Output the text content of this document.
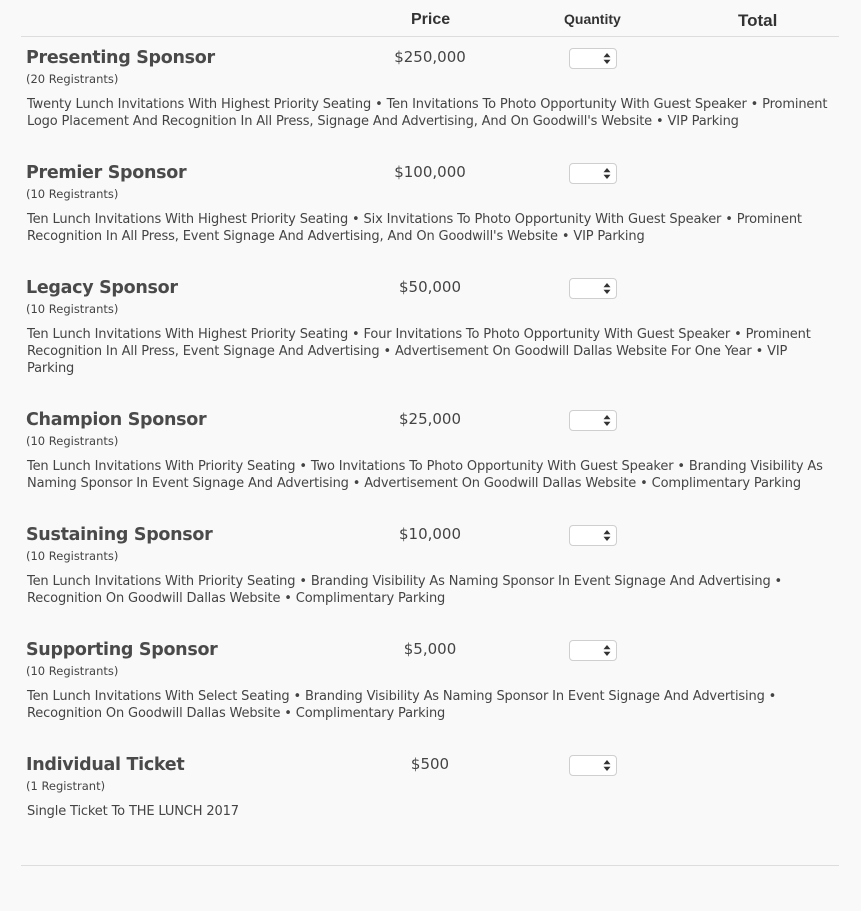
Price	Quantity	Total
Presenting Sponsor
(20 Registrants)
$250,000
Twenty Lunch Invitations With Highest Priority Seating • Ten Invitations To Photo Opportunity With Guest Speaker • Prominent Logo Placement And Recognition In All Press, Signage And Advertising, And On Goodwill's Website • VIP Parking
Premier Sponsor
(10 Registrants)
$100,000
Ten Lunch Invitations With Highest Priority Seating • Six Invitations To Photo Opportunity With Guest Speaker • Prominent Recognition In All Press, Event Signage And Advertising, And On Goodwill's Website • VIP Parking
Legacy Sponsor
(10 Registrants)
$50,000
Ten Lunch Invitations With Highest Priority Seating • Four Invitations To Photo Opportunity With Guest Speaker • Prominent Recognition In All Press, Event Signage And Advertising • Advertisement On Goodwill Dallas Website For One Year • VIP Parking
Champion Sponsor
(10 Registrants)
$25,000
Ten Lunch Invitations With Priority Seating • Two Invitations To Photo Opportunity With Guest Speaker • Branding Visibility As Naming Sponsor In Event Signage And Advertising • Advertisement On Goodwill Dallas Website • Complimentary Parking
Sustaining Sponsor
(10 Registrants)
$10,000
Ten Lunch Invitations With Priority Seating • Branding Visibility As Naming Sponsor In Event Signage And Advertising • Recognition On Goodwill Dallas Website • Complimentary Parking
Supporting Sponsor
(10 Registrants)
$5,000
Ten Lunch Invitations With Select Seating • Branding Visibility As Naming Sponsor In Event Signage And Advertising • Recognition On Goodwill Dallas Website • Complimentary Parking
Individual Ticket
(1 Registrant)
$500
Single Ticket To THE LUNCH 2017
